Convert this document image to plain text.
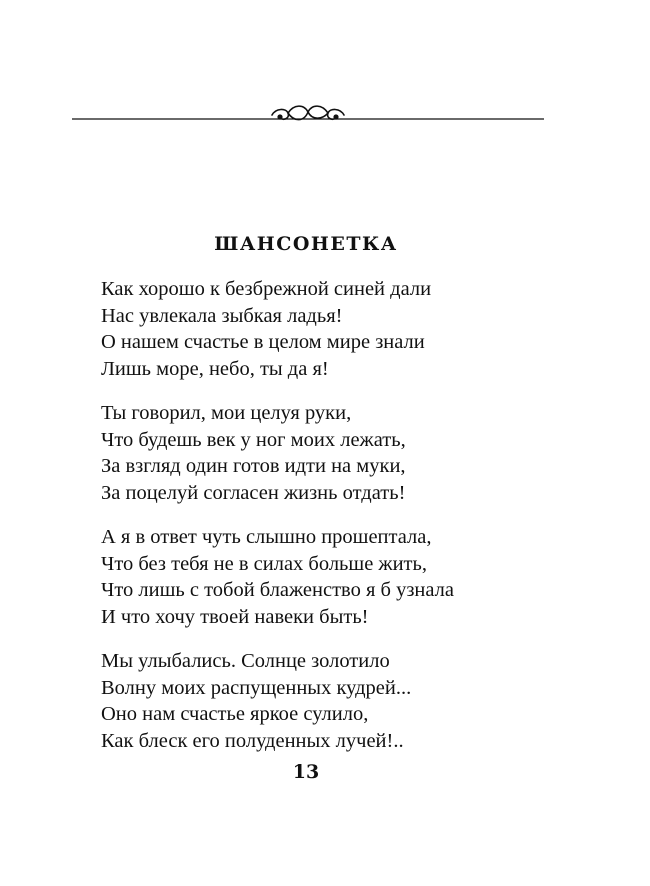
ШАНСОНЕТКА
Как хорошо к безбрежной синей дали
Нас увлекала зыбкая ладья!
О нашем счастье в целом мире знали
Лишь море, небо, ты да я!
Ты говорил, мои целуя руки,
Что будешь век у ног моих лежать,
За взгляд один готов идти на муки,
За поцелуй согласен жизнь отдать!
А я в ответ чуть слышно прошептала,
Что без тебя не в силах больше жить,
Что лишь с тобой блаженство я б узнала
И что хочу твоей навеки быть!
Мы улыбались. Солнце золотило
Волну моих распущенных кудрей...
Оно нам счастье яркое сулило,
Как блеск его полуденных лучей!..
13
